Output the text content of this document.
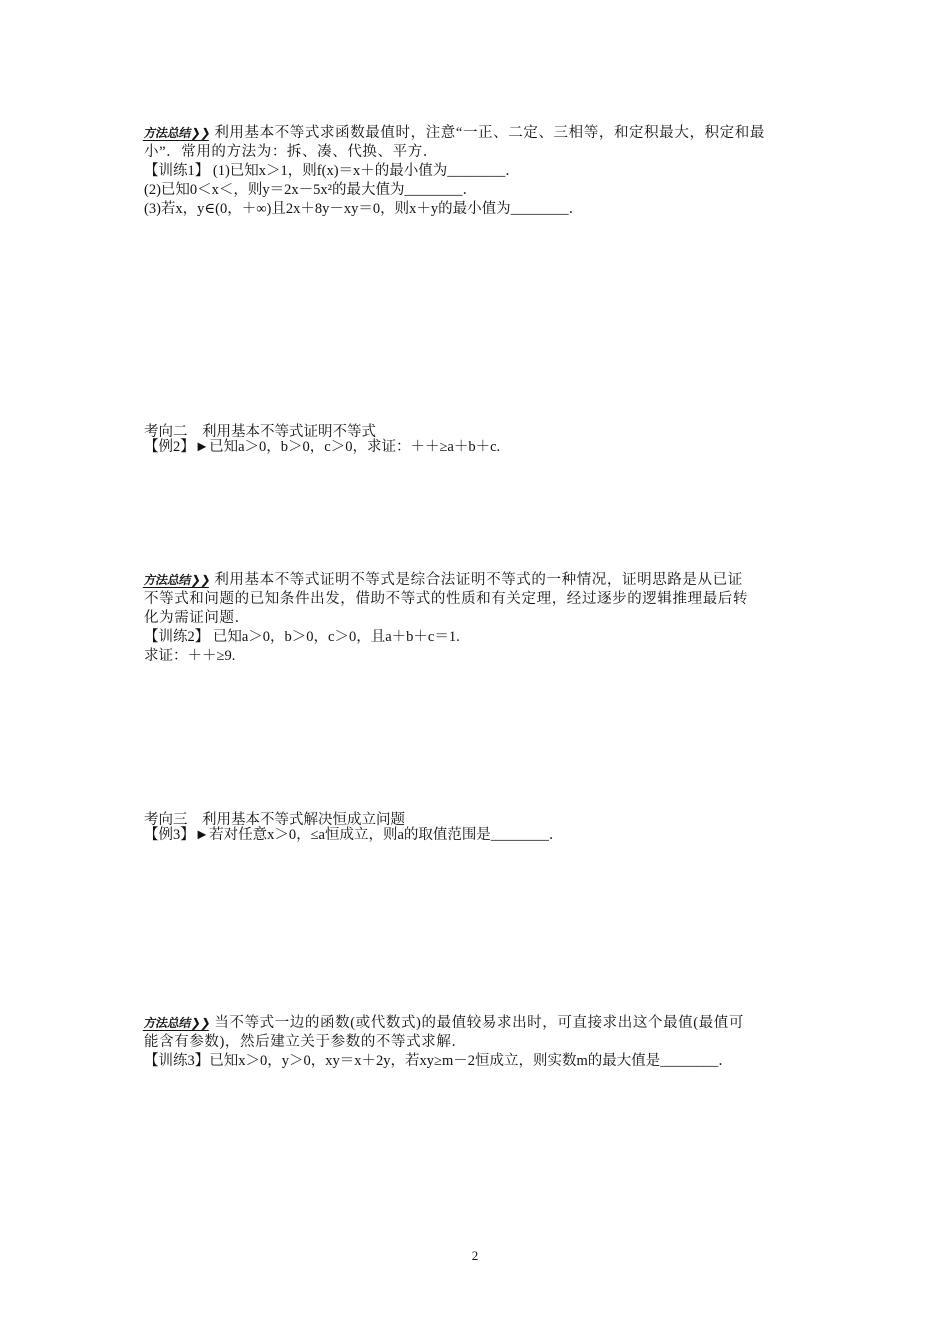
方法总结❯❯ 利用基本不等式求函数最值时，注意“一正、二定、三相等，和定积最大，积定和最
小”．常用的方法为：拆、凑、代换、平方．
【训练1】 (1)已知x＞1，则f(x)＝x＋的最小值为________．
(2)已知0＜x＜，则y＝2x－5x²的最大值为________．
(3)若x，y∈(0，＋∞)且2x＋8y－xy＝0，则x＋y的最小值为________．
考向二　利用基本不等式证明不等式
【例2】►已知a＞0，b＞0，c＞0，求证：＋＋≥a＋b＋c.
方法总结❯❯ 利用基本不等式证明不等式是综合法证明不等式的一种情况，证明思路是从已证
不等式和问题的已知条件出发，借助不等式的性质和有关定理，经过逐步的逻辑推理最后转
化为需证问题．
【训练2】 已知a＞0，b＞0，c＞0，且a＋b＋c＝1.
求证：＋＋≥9.
考向三　利用基本不等式解决恒成立问题
【例3】►若对任意x＞0，≤a恒成立，则a的取值范围是________．
方法总结❯❯ 当不等式一边的函数(或代数式)的最值较易求出时，可直接求出这个最值(最值可
能含有参数)，然后建立关于参数的不等式求解．
【训练3】已知x＞0，y＞0，xy＝x＋2y，若xy≥m－2恒成立，则实数m的最大值是________．
2
